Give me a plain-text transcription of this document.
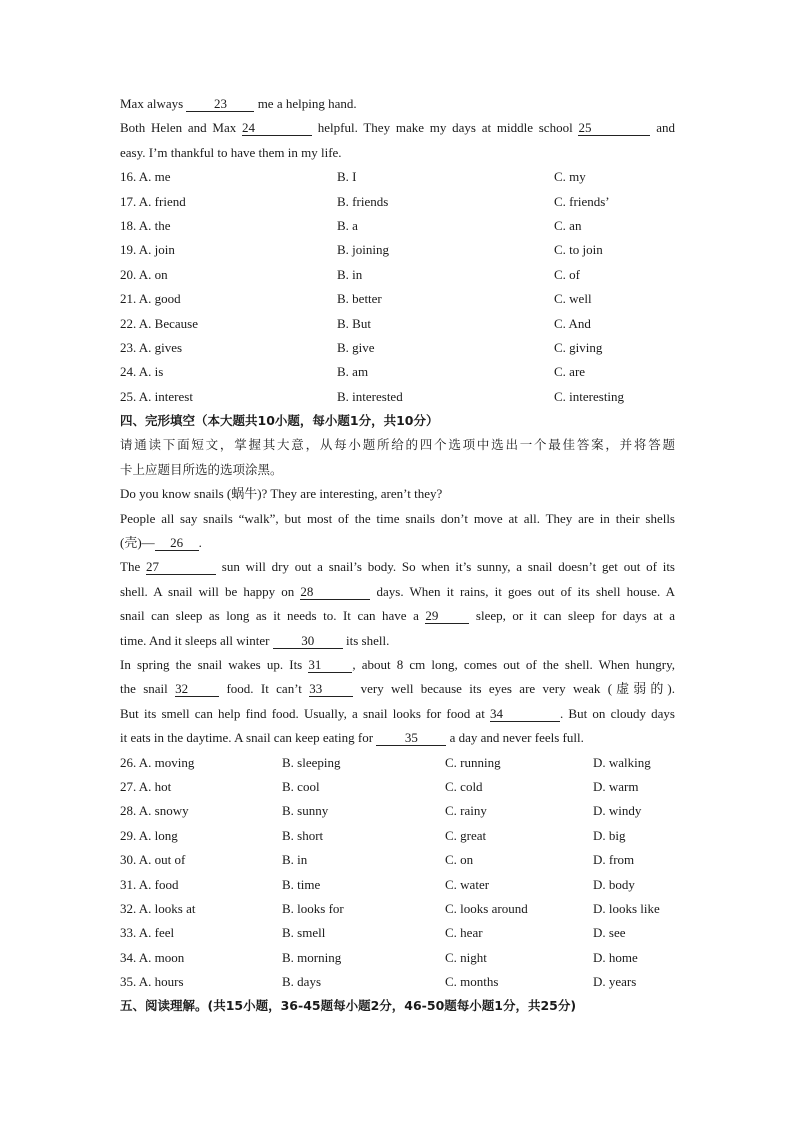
Max always 23 me a helping hand.
Both Helen and Max 24	helpful. They make my days at middle school 25	and
easy. I’m thankful to have them in my life.
16. A. me	B. I	C. my
17. A. friend	B. friends	C. friends’
18. A. the	B. a	C. an
19. A. join	B. joining	C. to join
20. A. on	B. in	C. of
21. A. good	B. better	C. well
22. A. Because	B. But	C. And
23. A. gives	B. give	C. giving
24. A. is	B. am	C. are
25. A. interest	B. interested	C. interesting
四、完形填空（本大题共10小题，每小题1分，共10分）
请通读下面短文，掌握其大意，从每小题所给的四个选项中选出一个最佳答案，并将答题
卡上应题目所选的选项涂黑。
Do you know snails (蜗牛)? They are interesting, aren’t they?
People all say snails “walk”, but most of the time snails don’t move at all. They are in their shells
(壳)— 26 .
The 27	sun will dry out a snail’s body. So when it’s sunny, a snail doesn’t get out of its
shell. A snail will be happy on 28	days. When it rains, it goes out of its shell house. A
snail can sleep as long as it needs to. It can have a 29 sleep, or it can sleep for days at a
time. And it sleeps all winter 30 its shell.
In spring the snail wakes up. Its 31 , about 8 cm long, comes out of the shell. When hungry,
the snail 32 food. It can’t 33 very well because its eyes are very weak (虚弱的).
But its smell can help find food. Usually, a snail looks for food at 34	. But on cloudy days
it eats in the daytime. A snail can keep eating for 35 a day and never feels full.
26. A. moving	B. sleeping	C. running	D. walking
27. A. hot	B. cool	C. cold	D. warm
28. A. snowy	B. sunny	C. rainy	D. windy
29. A. long	B. short	C. great	D. big
30. A. out of	B. in	C. on	D. from
31. A. food	B. time	C. water	D. body
32. A. looks at	B. looks for	C. looks around	D. looks like
33. A. feel	B. smell	C. hear	D. see
34. A. moon	B. morning	C. night	D. home
35. A. hours	B. days	C. months	D. years
五、阅读理解。(共15小题，36-45题每小题2分，46-50题每小题1分，共25分)
